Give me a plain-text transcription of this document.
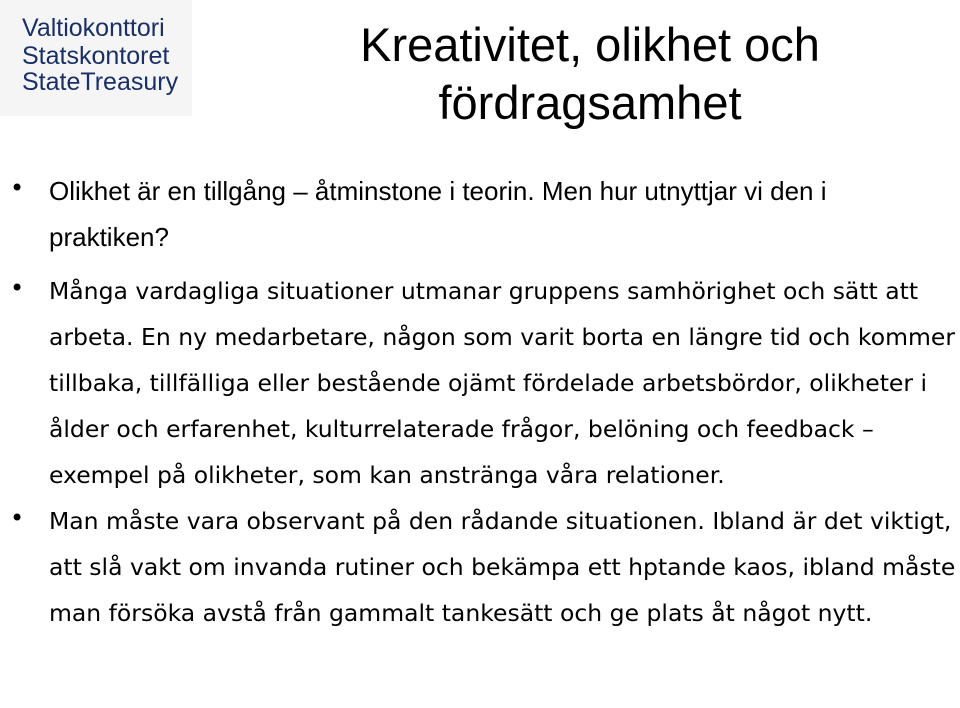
Valtiokonttori
Statskontoret
StateTreasury
Kreativitet, olikhet och fördragsamhet
• Olikhet är en tillgång – åtminstone i teorin. Men hur utnyttjar vi den i praktiken?
• Många vardagliga situationer utmanar gruppens samhörighet och sätt att arbeta. En ny medarbetare, någon som varit borta en längre tid och kommer tillbaka, tillfälliga eller bestående ojämt fördelade arbetsbördor, olikheter i ålder och erfarenhet, kulturrelaterade frågor, belöning och feedback – exempel på olikheter, som kan anstränga våra relationer.
• Man måste vara observant på den rådande situationen. Ibland är det viktigt, att slå vakt om invanda rutiner och bekämpa ett hptande kaos, ibland måste man försöka avstå från gammalt tankesätt och ge plats åt något nytt.
